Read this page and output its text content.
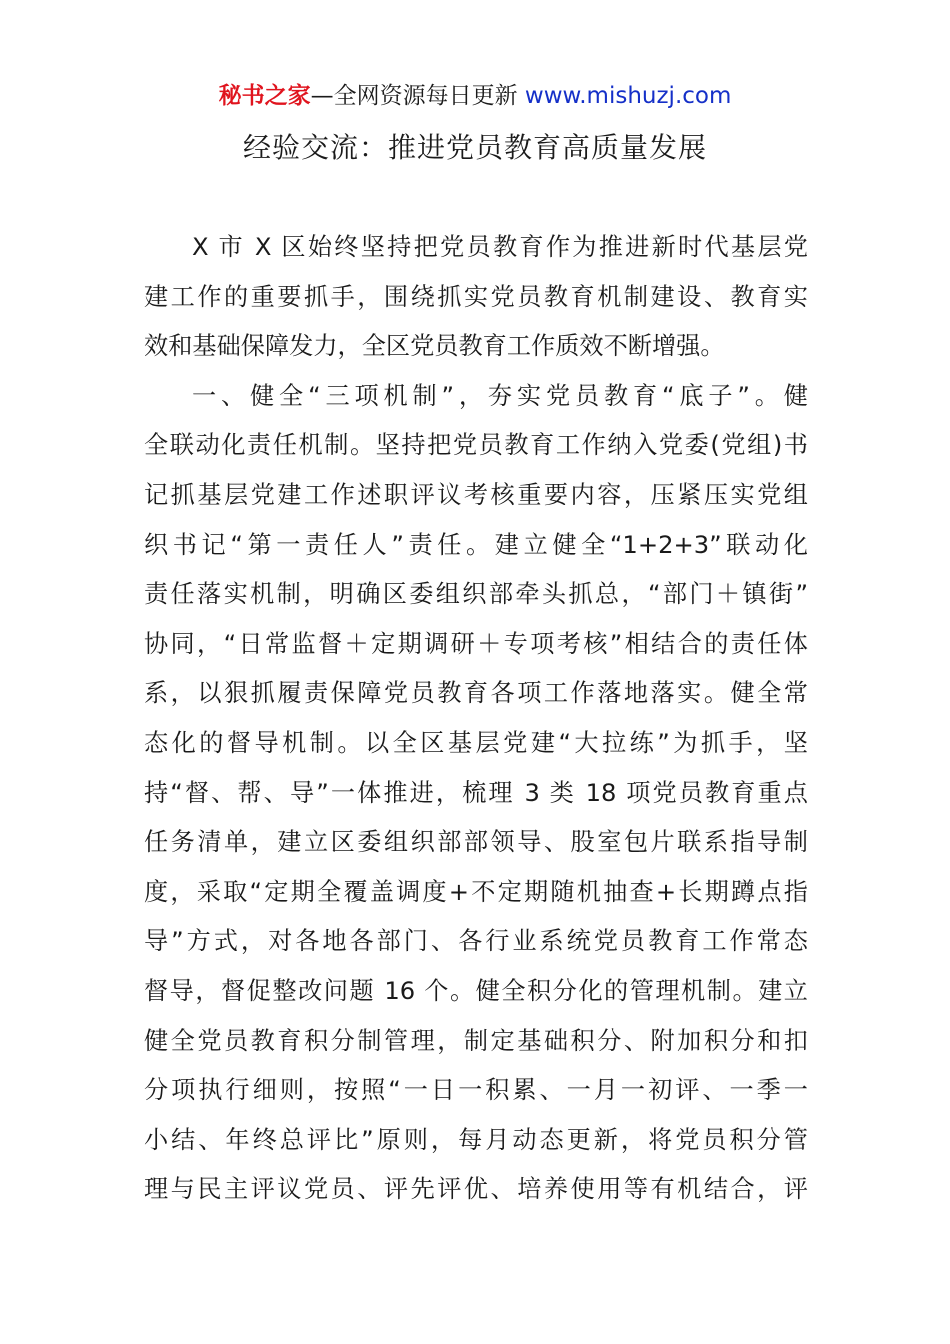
秘书之家—全网资源每日更新 www.mishuzj.com
经验交流：推进党员教育高质量发展
X 市 X 区始终坚持把党员教育作为推进新时代基层党
建工作的重要抓手，围绕抓实党员教育机制建设、教育实
效和基础保障发力，全区党员教育工作质效不断增强。
一、健全“三项机制”，夯实党员教育“底子”。健
全联动化责任机制。坚持把党员教育工作纳入党委(党组)书
记抓基层党建工作述职评议考核重要内容，压紧压实党组
织书记“第一责任人”责任。建立健全“1+2+3”联动化
责任落实机制，明确区委组织部牵头抓总，“部门＋镇街”
协同，“日常监督＋定期调研＋专项考核”相结合的责任体
系，以狠抓履责保障党员教育各项工作落地落实。健全常
态化的督导机制。以全区基层党建“大拉练”为抓手，坚
持“督、帮、导”一体推进，梳理 3 类 18 项党员教育重点
任务清单，建立区委组织部部领导、股室包片联系指导制
度，采取“定期全覆盖调度+不定期随机抽查+长期蹲点指
导”方式，对各地各部门、各行业系统党员教育工作常态
督导，督促整改问题 16 个。健全积分化的管理机制。建立
健全党员教育积分制管理，制定基础积分、附加积分和扣
分项执行细则，按照“一日一积累、一月一初评、一季一
小结、年终总评比”原则，每月动态更新，将党员积分管
理与民主评议党员、评先评优、培养使用等有机结合，评
